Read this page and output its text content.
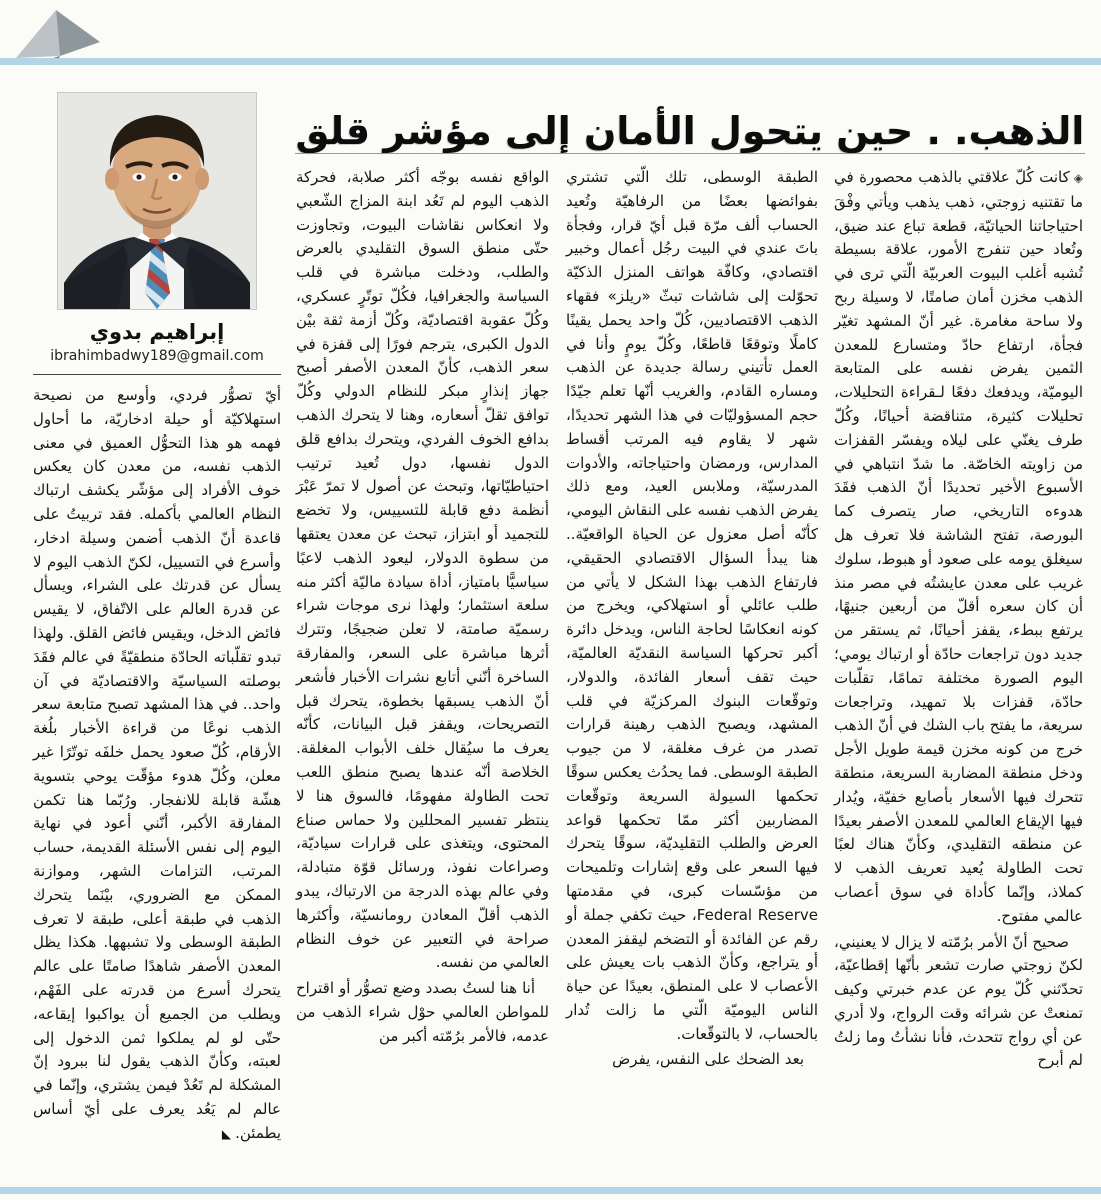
الذهب. . حين يتحول الأمان إلى مؤشر قلق
إبراهيم بدوي
ibrahimbadwy189@gmail.com

◈كانت كُلّ علاقتي بالذهب محصورة في ما تقتنيه زوجتي، ذهب يذهب ويأتي وفْقَ احتياجاتنا الحياتيّة، قطعة تباع عند ضيق، وتُعاد حين تنفرج الأمور، علاقة بسيطة تُشبه أغلب البيوت العربيّة الّتي ترى في الذهب مخزن أمان صامتًا، لا وسيلة ربح ولا ساحة مغامرة. غير أنّ المشهد تغيّر فجأة، ارتفاع حادّ ومتسارع للمعدن الثمين يفرض نفسه على المتابعة اليوميّة، ويدفعك دفعًا لـقراءة التحليلات، تحليلات كثيرة، متناقضة أحيانًا، وكُلّ طرف يغنّي على ليلاه ويفسّر القفزات من زاويته الخاصّة. ما شدّ انتباهي في الأسبوع الأخير تحديدًا أنّ الذهب فقَدَ هدوءه التاريخي، صار يتصرف كما البورصة، تفتح الشاشة فلا تعرف هل سيغلق يومه على صعود أو هبوط، سلوك غريب على معدن عايشتُه في مصر منذ أن كان سعره أقلّ من أربعين جنيهًا، يرتفع ببطء، يقفز أحيانًا، ثم يستقر من جديد دون تراجعات حادّة أو ارتباك يومي؛ اليوم الصورة مختلفة تمامًا، تقلّبات حادّة، قفزات بلا تمهيد، وتراجعات سريعة، ما يفتح باب الشك في أنّ الذهب خرج من كونه مخزن قيمة طويل الأجل ودخل منطقة المضاربة السريعة، منطقة تتحرك فيها الأسعار بأصابع خفيّة، ويُدار فيها الإيقاع العالمي للمعدن الأصفر بعيدًا عن منطقه التقليدي، وكأنّ هناك لعبًا تحت الطاولة يُعيد تعريف الذهب لا كملاذ، وإنّما كأداة في سوق أعصاب عالمي مفتوح.

صحيح أنّ الأمر برُمّته لا يزال لا يعنيني، لكنّ زوجتي صارت تشعر بأنّها إقطاعيّة، تحدّثني كُلّ يوم عن عدم خبرتي وكيف تمنعتْ عن شرائه وقت الرواج، ولا أدري عن أي رواج تتحدث، فأنا نشأتُ وما زلتُ لم أبرح

الطبقة الوسطى، تلك الّتي تشتري بفوائضها بعضًا من الرفاهيّة وتُعيد الحساب ألف مرّة قبل أيّ قرار، وفجأة باتَ عندي في البيت رجُل أعمال وخبير اقتصادي، وكافّة هواتف المنزل الذكيّة تحوّلت إلى شاشات تبثّ «ريلز» فقهاء الذهب الاقتصاديين، كُلّ واحد يحمل يقينًا كاملًا وتوقعًا قاطعًا، وكُلّ يومٍ وأنا في العمل تأتيني رسالة جديدة عن الذهب ومساره القادم، والغريب أنّها تعلم جيّدًا حجم المسؤوليّات في هذا الشهر تحديدًا، شهر لا يقاوم فيه المرتب أقساط المدارس، ورمضان واحتياجاته، والأدوات المدرسيّة، وملابس العيد، ومع ذلك يفرض الذهب نفسه على النقاش اليومي، كأنّه أصل معزول عن الحياة الواقعيّة.. هنا يبدأ السؤال الاقتصادي الحقيقي، فارتفاع الذهب بهذا الشكل لا يأتي من طلب عائلي أو استهلاكي، ويخرج من كونه انعكاسًا لحاجة الناس، ويدخل دائرة أكبر تحركها السياسة النقديّة العالميّة، حيث تقف أسعار الفائدة، والدولار، وتوقّعات البنوك المركزيّة في قلب المشهد، ويصبح الذهب رهينة قرارات تصدر من غرف مغلقة، لا من جيوب الطبقة الوسطى. فما يحدُث يعكس سوقًا تحكمها السيولة السريعة وتوقّعات المضاربين أكثر ممّا تحكمها قواعد العرض والطلب التقليديّة، سوقًا يتحرك فيها السعر على وقع إشارات وتلميحات من مؤسّسات كبرى، في مقدمتها Federal Reserve، حيث تكفي جملة أو رقم عن الفائدة أو التضخم ليقفز المعدن أو يتراجع، وكأنّ الذهب بات يعيش على الأعصاب لا على المنطق، بعيدًا عن حياة الناس اليوميّة الّتي ما زالت تُدار بالحساب، لا بالتوقّعات.

بعد الضحك على النفس، يفرض

الواقع نفسه بوجّه أكثر صلابة، فحركة الذهب اليوم لم تَعُد ابنة المزاج الشّعبي ولا انعكاس نقاشات البيوت، وتجاوزت حتّى منطق السوق التقليدي بالعرض والطلب، ودخلت مباشرة في قلب السياسة والجغرافيا، فكُلّ توتّرٍ عسكري، وكُلّ عقوبة اقتصاديّة، وكُلّ أزمة ثقة بيْن الدول الكبرى، يترجم فورًا إلى قفزة في سعر الذهب، كأنّ المعدن الأصفر أصبح جهاز إنذارٍ مبكر للنظام الدولي وكُلّ توافق تقلّ أسعاره، وهنا لا يتحرك الذهب بدافع الخوف الفردي، ويتحرك بدافع قلق الدول نفسها، دول تُعيد ترتيب احتياطيّاتها، وتبحث عن أصول لا تمرّ عَبْرَ أنظمة دفع قابلة للتسييس، ولا تخضع للتجميد أو ابتزاز، تبحث عن معدن يعتقها من سطوة الدولار، ليعود الذهب لاعبًا سياسيًّا بامتياز، أداة سيادة ماليّة أكثر منه سلعة استثمار؛ ولهذا نرى موجات شراء رسميّة صامتة، لا تعلن ضجيجًا، وتترك أثرها مباشرة على السعر، والمفارقة الساخرة أنّني أتابع نشرات الأخبار فأشعر أنّ الذهب يسبقها بخطوة، يتحرك قبل التصريحات، ويقفز قبل البيانات، كأنّه يعرف ما سيُقال خلف الأبواب المغلقة. الخلاصة أنّه عندها يصبح منطق اللعب تحت الطاولة مفهومًا، فالسوق هنا لا ينتظر تفسير المحللين ولا حماس صناع المحتوى، ويتغذى على قرارات سياديّة، وصراعات نفوذ، ورسائل قوّة متبادلة، وفي عالم بهذه الدرجة من الارتباك، يبدو الذهب أقلّ المعادن رومانسيّة، وأكثرها صراحة في التعبير عن خوف النظام العالمي من نفسه.

أنا هنا لستُ بصدد وضع تصوُّر أو اقتراح للمواطن العالمي حوْل شراء الذهب من عدمه، فالأمر برُمّته أكبر من

أيّ تصوُّر فردي، وأوسع من نصيحة استهلاكيّة أو حيلة ادخاريّة، ما أحاول فهمه هو هذا التحوُّل العميق في معنى الذهب نفسه، من معدن كان يعكس خوف الأفراد إلى مؤشّر يكشف ارتباك النظام العالمي بأكمله. فقد تربيتُ على قاعدة أنّ الذهب أضمن وسيلة ادخار، وأسرع في التسييل، لكنّ الذهب اليوم لا يسأل عن قدرتك على الشراء، ويسأل عن قدرة العالم على الاتّفاق، لا يقيس فائض الدخل، ويقيس فائض القلق. ولهذا تبدو تقلّباته الحادّة منطقيّةً في عالم فقَدَ بوصلته السياسيّة والاقتصاديّة في آن واحد.. في هذا المشهد تصبح متابعة سعر الذهب نوعًا من قراءة الأخبار بلُغة الأرقام، كُلّ صعود يحمل خلفَه توتّرًا غير معلن، وكُلّ هدوء مؤقّت يوحي بتسوية هشّة قابلة للانفجار. ورُبّما هنا تكمن المفارقة الأكبر، أنّني أعود في نهاية اليوم إلى نفس الأسئلة القديمة، حساب المرتب، التزامات الشهر، وموازنة الممكن مع الضروري، بيْنَما يتحرك الذهب في طبقة أعلى، طبقة لا تعرف الطبقة الوسطى ولا تشبهها. هكذا يظل المعدن الأصفر شاهدًا صامتًا على عالم يتحرك أسرع من قدرته على الفَهْم، ويطلب من الجميع أن يواكبوا إيقاعه، حتّى لو لم يملكوا ثمن الدخول إلى لعبته، وكأنّ الذهب يقول لنا ببرود إنّ المشكلة لم تَعُدْ فيمن يشتري، وإنّما في عالم لم يَعُد يعرف على أيّ أساس يطمئن.◣
